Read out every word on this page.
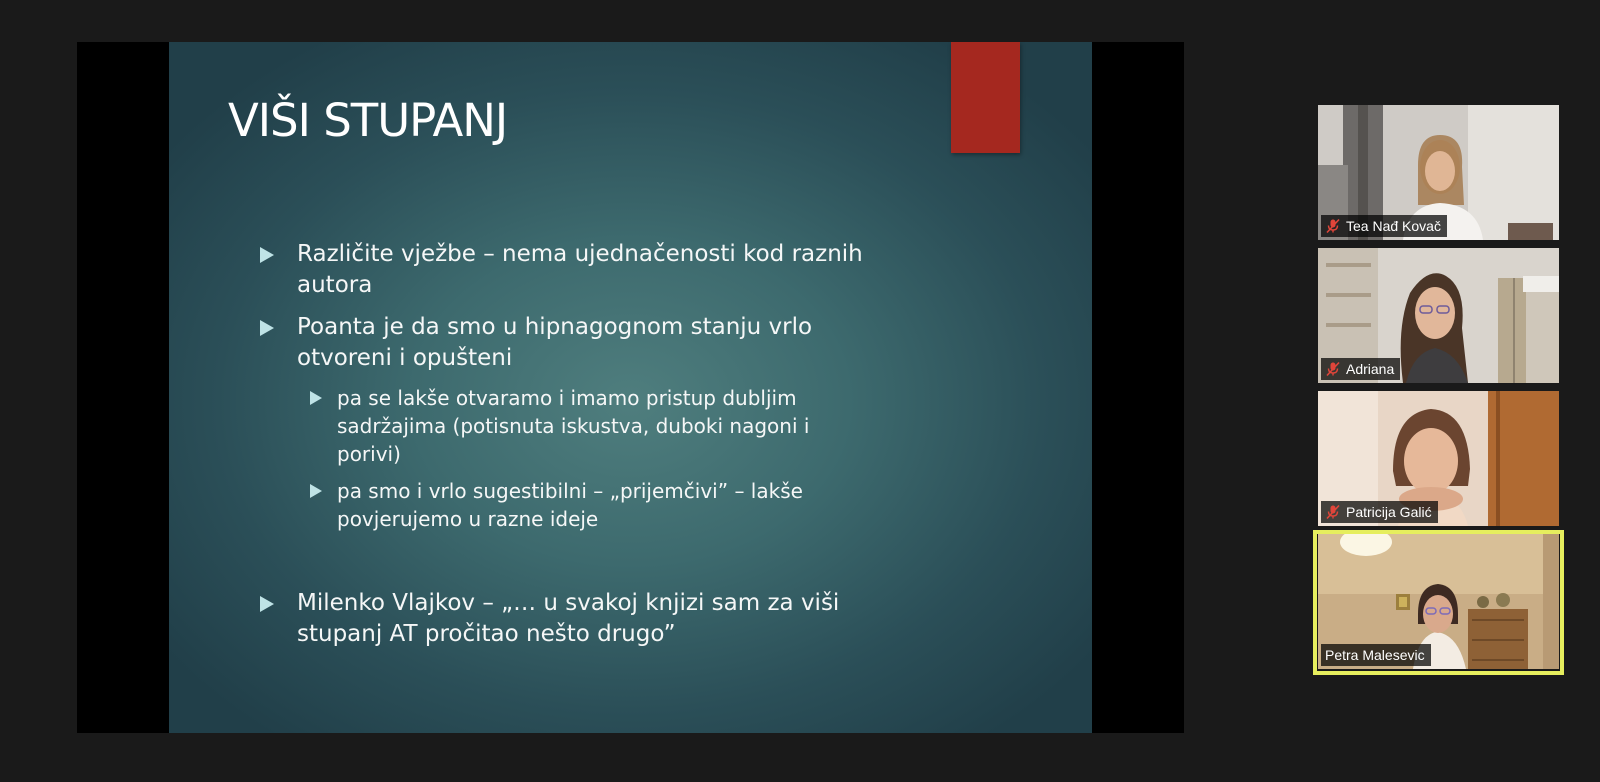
VIŠI STUPANJ
Različite vježbe – nema ujednačenosti kod raznih
autora
Poanta je da smo u hipnagognom stanju vrlo
otvoreni i opušteni
pa se lakše otvaramo i imamo pristup dubljim
sadržajima (potisnuta iskustva, duboki nagoni i
porivi)
pa smo i vrlo sugestibilni – „prijemčivi” – lakše
povjerujemo u razne ideje
Milenko Vlajkov – „… u svakoj knjizi sam za viši
stupanj AT pročitao nešto drugo”
Tea Nađ Kovač
Adriana
Patricija Galić
Petra Malesevic
